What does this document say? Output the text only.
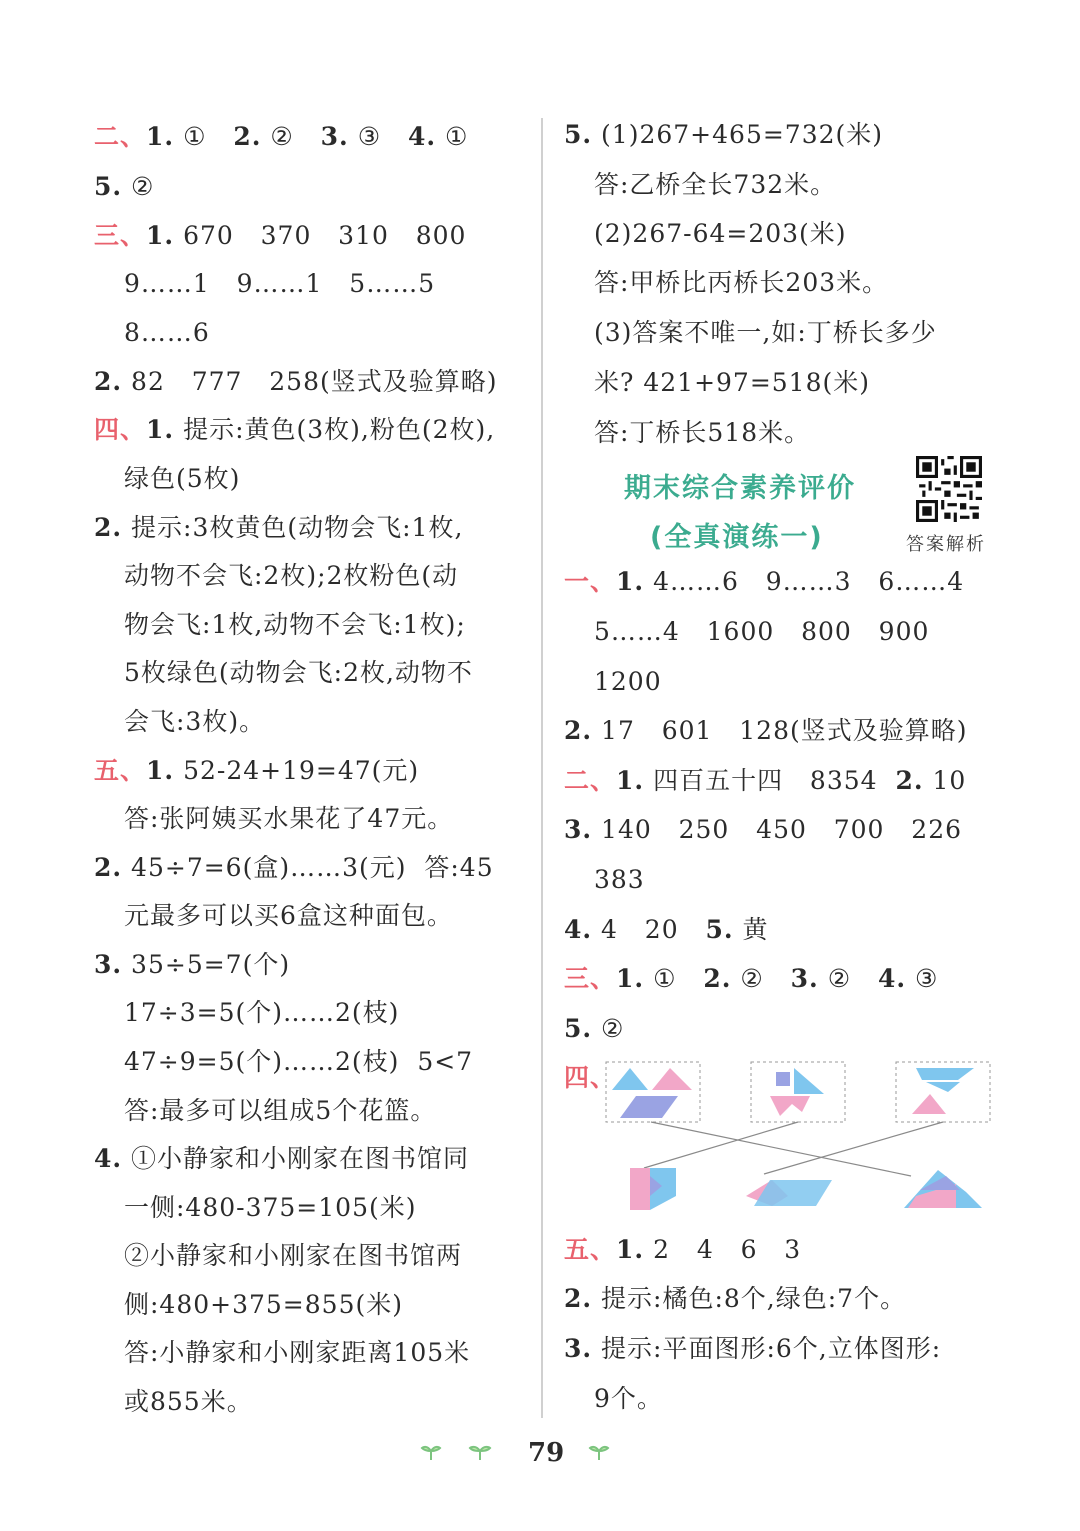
二、1. ①   2. ②   3. ③   4. ①
5. ②
三、1. 670   370   310   800
9……1   9……1   5……5
8……6
2. 82   777   258(竖式及验算略)
四、1. 提示:黄色(3枚),粉色(2枚),
绿色(5枚)
2. 提示:3枚黄色(动物会飞:1枚,
动物不会飞:2枚);2枚粉色(动
物会飞:1枚,动物不会飞:1枚);
5枚绿色(动物会飞:2枚,动物不
会飞:3枚)。
五、1. 52-24+19=47(元)
答:张阿姨买水果花了47元。
2. 45÷7=6(盒)……3(元)  答:45
元最多可以买6盒这种面包。
3. 35÷5=7(个)
17÷3=5(个)……2(枝)
47÷9=5(个)……2(枝)  5<7
答:最多可以组成5个花篮。
4. ①小静家和小刚家在图书馆同
一侧:480-375=105(米)
②小静家和小刚家在图书馆两
侧:480+375=855(米)
答:小静家和小刚家距离105米
或855米。
5. (1)267+465=732(米)
答:乙桥全长732米。
(2)267-64=203(米)
答:甲桥比丙桥长203米。
(3)答案不唯一,如:丁桥长多少
米? 421+97=518(米)
答:丁桥长518米。
一、1. 4……6   9……3   6……4
5……4   1600   800   900
1200
2. 17   601   128(竖式及验算略)
二、1. 四百五十四   8354  2. 10
3. 140   250   450   700   226
383
4. 4   20   5. 黄
三、1. ①   2. ②   3. ②   4. ③
5. ②
四、
五、1. 2   4   6   3
2. 提示:橘色:8个,绿色:7个。
3. 提示:平面图形:6个,立体图形:
9个。
期末综合素养评价
(全真演练一)	答案解析
79
